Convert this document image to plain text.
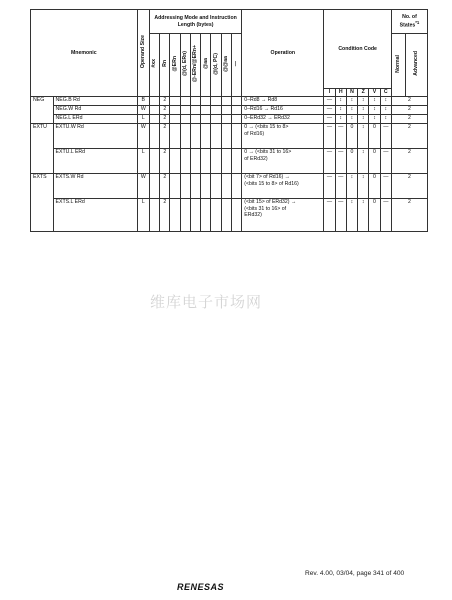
Mnemonic		Operand Size	Addressing Mode and Instruction Length (bytes)									Operation	Condition Code						No. of States$^{*1}$
			#xx	Rn	@ERn	@(d, ERn)	@-ERn/@ERn+	@aa	@(d, PC)	@@aa	—								Normal	Advanced
													I	H	N	Z	V	C		
NEG	NEG.B Rd	B		2								0–Rd8 → Rd8	—	↕	↕	↕	↕	↕	2	
	NEG.W Rd	W		2								0–Rd16 → Rd16	—	↕	↕	↕	↕	↕	2	
	NEG.L ERd	L		2								0–ERd32 → ERd32	—	↕	↕	↕	↕	↕	2	
EXTU	EXTU.W Rd	W		2								0 → (<bits 15 to 8>
of Rd16)	—	—	0	↕	0	—	2	
	EXTU.L ERd	L		2								0 → (<bits 31 to 16>
of ERd32)	—	—	0	↕	0	—	2	
EXTS	EXTS.W Rd	W		2								(<bit 7> of Rd16) →
(<bits 15 to 8> of Rd16)	—	—	↕	↕	0	—	2	
	EXTS.L ERd	L		2								(<bit 15> of ERd32) →
(<bits 31 to 16> of
ERd32)	—	—	↕	↕	0	—	2	
维库电子市场网
Rev. 4.00, 03/04, page 341 of 400
RENESAS
